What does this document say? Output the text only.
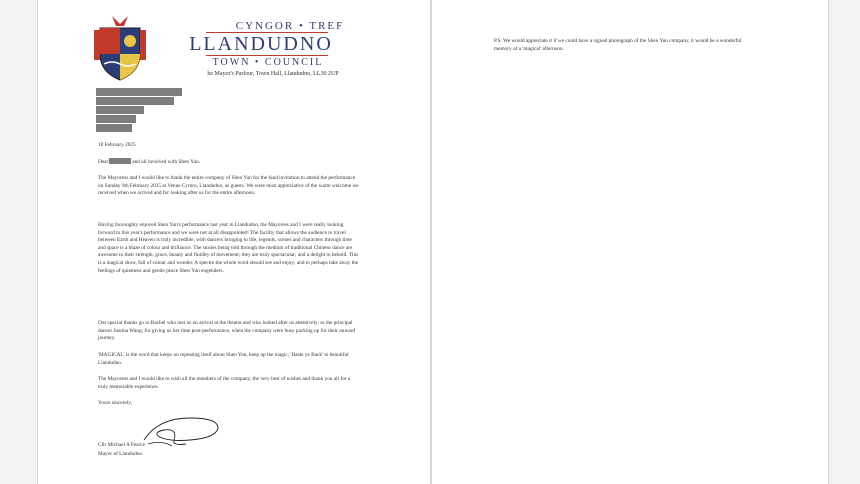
CYNGOR • TREF
LLANDUDNO
TOWN • COUNCIL
he Mayor's Parlour, Town Hall, Llandudno, LL30 2UP
18 February 2025
Dear	and all involved with Shen Yun.
The Mayoress and I would like to thank the entire company of Shen Yun for the kind invitation to attend the performance on Sunday 9th February 2025 at Venue Cymru, Llandudno, as guests. We were most appreciative of the warm welcome we received when we arrived and for looking after us for the entire afternoon.
Having thoroughly enjoyed Shen Yun's performance last year in Llandudno, the Mayoress and I were really looking forward to this year's performance and we were not at all disappointed! The facility that allows the audience to travel between Earth and Heaven is truly incredible, with dancers bringing to life, legends, scenes and characters through time and space is a blaze of colour and brilliance. The stories being told through the medium of traditional Chinese dance are awesome in their strength, grace, beauty and fluidity of movement; they are truly spectacular; and a delight to behold. This is a magical show, full of colour and wonder. A spectre the whole word should see and enjoy; and to perhaps take away the feelings of quietness and gentle peace Shen Yun engenders.
Our special thanks go to Rachel who met us on arrival at the theatre and who looked after us attentively; to the principal dancer Justina Wang; for giving us her time post-performance, when the company were busy packing up for their onward journey.
'MAGICAL' is the word that keeps on repeating itself about Shen Yun, keep up the magic; 'Haste ye Back' to beautiful Llandudno.
The Mayoress and I would like to wish all the members of the company, the very best of wishes and thank you all for a truly memorable experience.
Yours sincerely,
Cllr Michael A Pearce
Mayor of Llandudno
P.S. We would appreciate it if we could have a signed photograph of the Shen Yun company, it would be a wonderful memory of a 'magical' afternoon.
